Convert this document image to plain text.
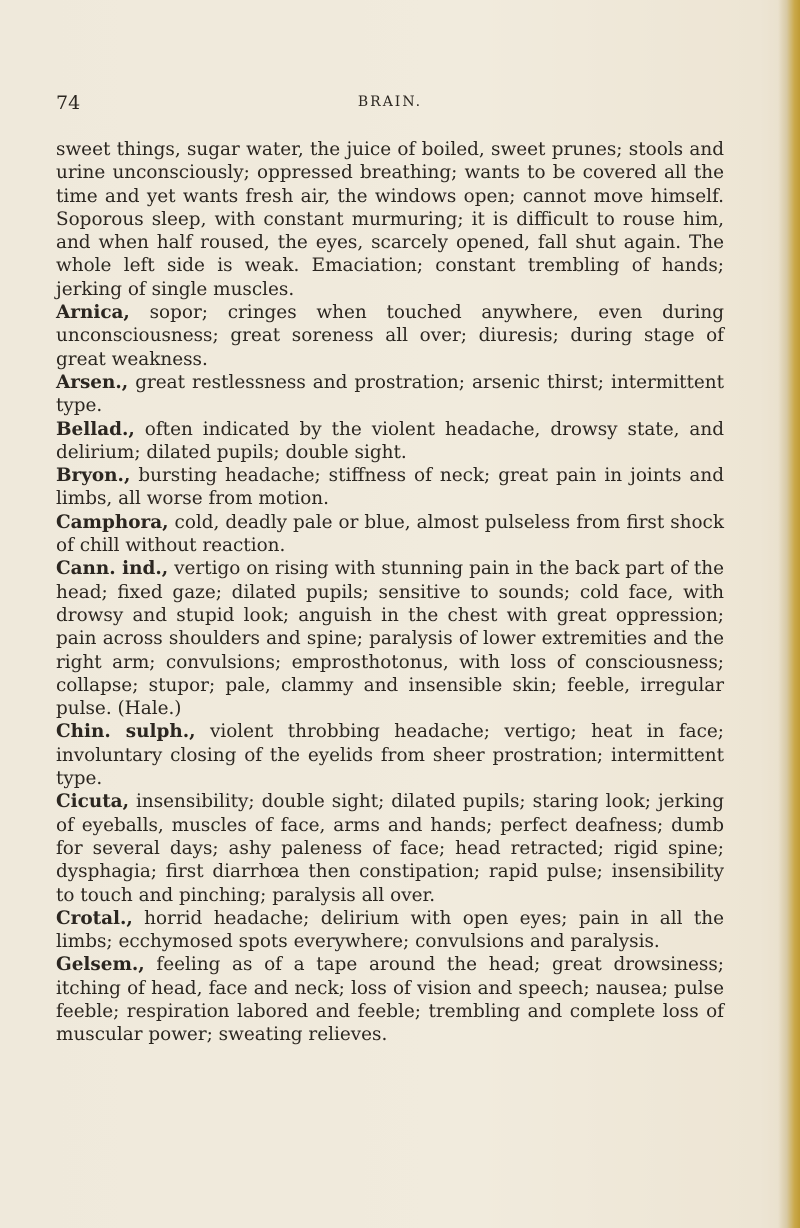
74	BRAIN.

sweet things, sugar water, the juice of boiled, sweet prunes; stools and urine unconsciously; oppressed breathing; wants to be covered all the time and yet wants fresh air, the windows open; cannot move himself. Soporous sleep, with constant murmuring; it is difficult to rouse him, and when half roused, the eyes, scarcely opened, fall shut again. The whole left side is weak. Emaciation; constant trembling of hands; jerking of single muscles.

Arnica, sopor; cringes when touched anywhere, even during unconsciousness; great soreness all over; diuresis; during stage of great weakness.

Arsen., great restlessness and prostration; arsenic thirst; intermittent type.

Bellad., often indicated by the violent headache, drowsy state, and delirium; dilated pupils; double sight.

Bryon., bursting headache; stiffness of neck; great pain in joints and limbs, all worse from motion.

Camphora, cold, deadly pale or blue, almost pulseless from first shock of chill without reaction.

Cann. ind., vertigo on rising with stunning pain in the back part of the head; fixed gaze; dilated pupils; sensitive to sounds; cold face, with drowsy and stupid look; anguish in the chest with great oppression; pain across shoulders and spine; paralysis of lower extremities and the right arm; convulsions; emprosthotonus, with loss of consciousness; collapse; stupor; pale, clammy and insensible skin; feeble, irregular pulse. (Hale.)

Chin. sulph., violent throbbing headache; vertigo; heat in face; involuntary closing of the eyelids from sheer prostration; intermittent type.

Cicuta, insensibility; double sight; dilated pupils; staring look; jerking of eyeballs, muscles of face, arms and hands; perfect deafness; dumb for several days; ashy paleness of face; head retracted; rigid spine; dysphagia; first diarrhœa then constipation; rapid pulse; insensibility to touch and pinching; paralysis all over.

Crotal., horrid headache; delirium with open eyes; pain in all the limbs; ecchymosed spots everywhere; convulsions and paralysis.

Gelsem., feeling as of a tape around the head; great drowsiness; itching of head, face and neck; loss of vision and speech; nausea; pulse feeble; respiration labored and feeble; trembling and complete loss of muscular power; sweating relieves.
